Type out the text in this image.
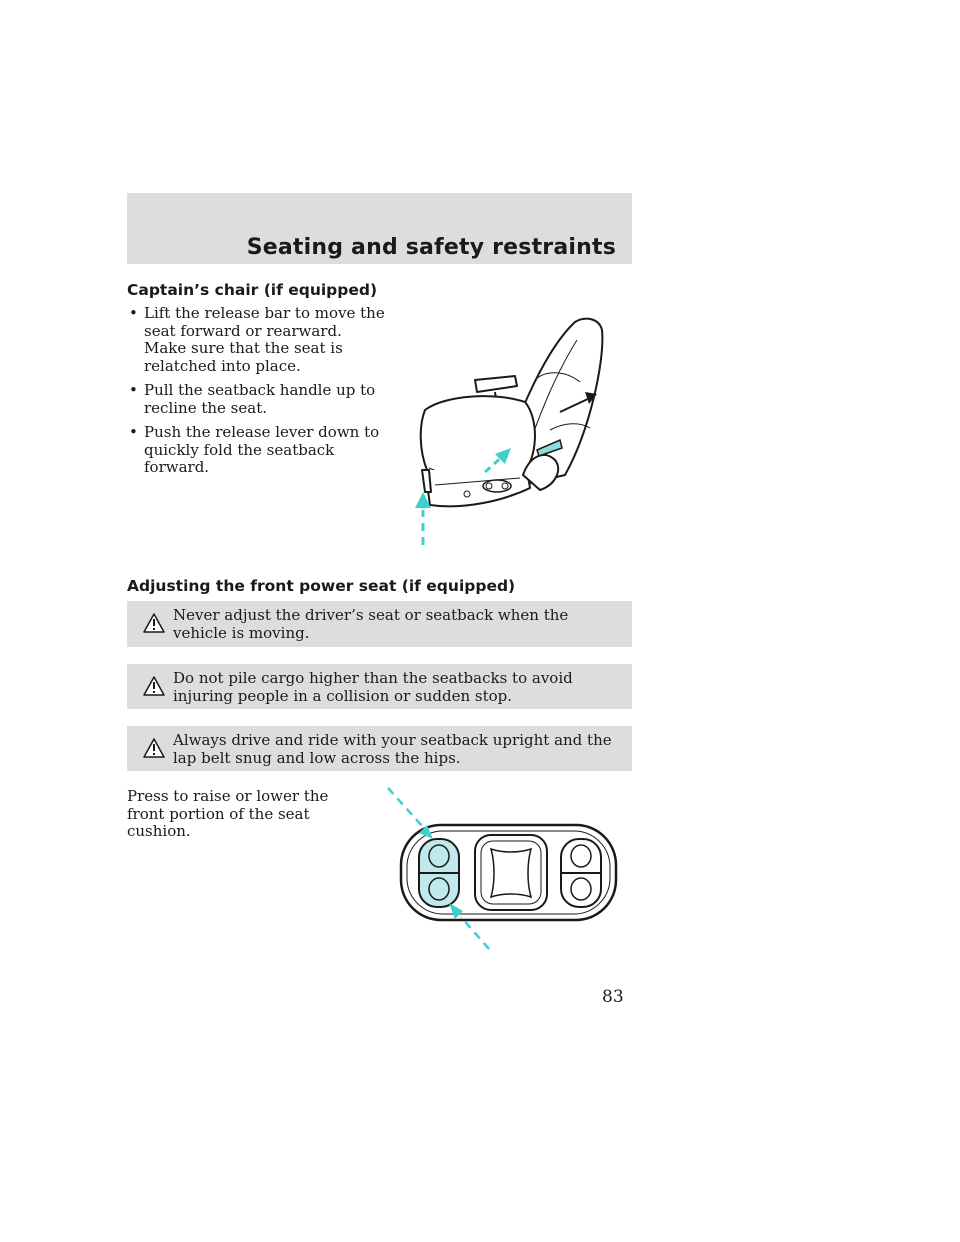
Seating and safety restraints
Captain’s chair (if equipped)
• Lift the release bar to move the seat forward or rearward. Make sure that the seat is relatched into place.
• Pull the seatback handle up to recline the seat.
• Push the release lever down to quickly fold the seatback forward.
Adjusting the front power seat (if equipped)
Never adjust the driver’s seat or seatback when the vehicle is moving.
Do not pile cargo higher than the seatbacks to avoid injuring people in a collision or sudden stop.
Always drive and ride with your seatback upright and the lap belt snug and low across the hips.

Press to raise or lower the front portion of the seat cushion.

83
